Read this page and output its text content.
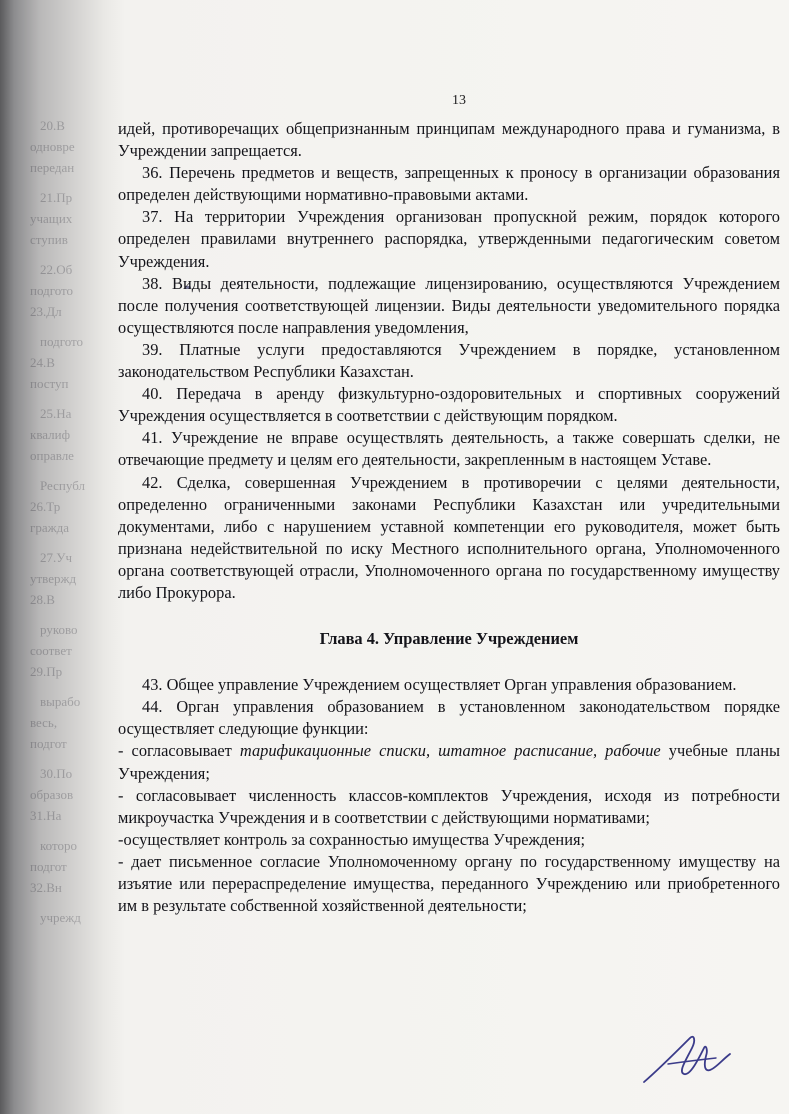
20.В
одновре
передан
21.Пр
учащих
ступив
22.Об
подгото
23.Дл
подгото
24.В
поступ
25.На
квалиф
оправле
Республ
26.Тр
гражда
27.Уч
утвержд
28.В
руково
соответ
29.Пр
вырабо
весь,
подгот
30.По
образов
31.На
которо
подгот
32.Вн
учрежд
13

идей, противоречащих общепризнанным принципам международного права и гуманизма, в Учреждении запрещается.

36. Перечень предметов и веществ, запрещенных к проносу в организации образования определен действующими нормативно-правовыми актами.

37. На территории Учреждения организован пропускной режим, порядок которого определен правилами внутреннего распорядка, утвержденными педагогическим советом Учреждения.

38. Виды деятельности, подлежащие лицензированию, осуществляются Учреждением после получения соответствующей лицензии. Виды деятельности уведомительного порядка осуществляются после направления уведомления,

39. Платные услуги предоставляются Учреждением в порядке, установленном законодательством Республики Казахстан.

40. Передача в аренду физкультурно-оздоровительных и спортивных сооружений Учреждения осуществляется в соответствии с действующим порядком.

41. Учреждение не вправе осуществлять деятельность, а также совершать сделки, не отвечающие предмету и целям его деятельности, закрепленным в настоящем Уставе.

42. Сделка, совершенная Учреждением в противоречии с целями деятельности, определенно ограниченными законами Республики Казахстан или учредительными документами, либо с нарушением уставной компетенции его руководителя, может быть признана недействительной по иску Местного исполнительного органа, Уполномоченного органа соответствующей отрасли, Уполномоченного органа по государственному имуществу либо Прокурора.

Глава 4. Управление Учреждением

43. Общее управление Учреждением осуществляет Орган управления образованием.

44. Орган управления образованием в установленном законодательством порядке осуществляет следующие функции:

- согласовывает тарификационные списки, штатное расписание, рабочие учебные планы Учреждения;

- согласовывает численность классов-комплектов Учреждения, исходя из потребности микроучастка Учреждения и в соответствии с действующими нормативами;

-осуществляет контроль за сохранностью имущества Учреждения;

- дает письменное согласие Уполномоченному органу по государственному имуществу на изъятие или перераспределение имущества, переданного Учреждению или приобретенного им в результате собственной хозяйственной деятельности;
